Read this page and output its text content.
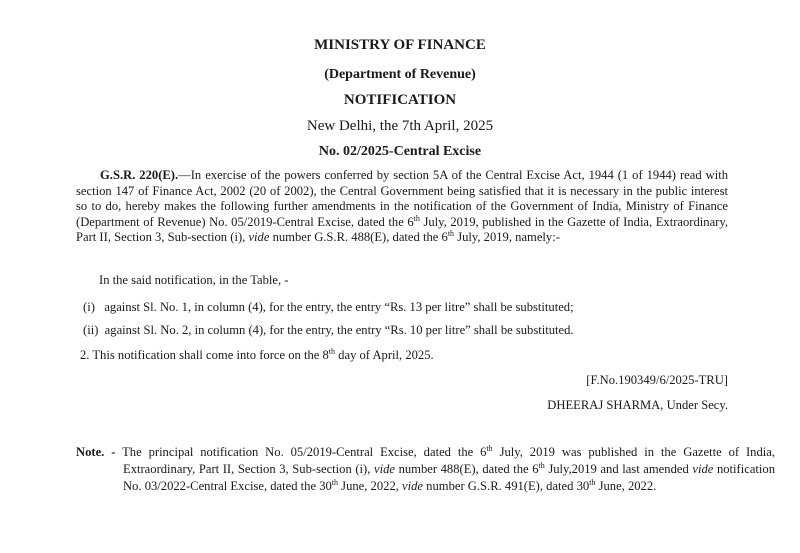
MINISTRY OF FINANCE
(Department of Revenue)
NOTIFICATION
New Delhi, the 7th April, 2025
No. 02/2025-Central Excise
G.S.R. 220(E).—In exercise of the powers conferred by section 5A of the Central Excise Act, 1944 (1 of 1944) read with section 147 of Finance Act, 2002 (20 of 2002), the Central Government being satisfied that it is necessary in the public interest so to do, hereby makes the following further amendments in the notification of the Government of India, Ministry of Finance (Department of Revenue) No. 05/2019-Central Excise, dated the 6th July, 2019, published in the Gazette of India, Extraordinary, Part II, Section 3, Sub-section (i), vide number G.S.R. 488(E), dated the 6th July, 2019, namely:-
In the said notification, in the Table, -
(i)   against Sl. No. 1, in column (4), for the entry, the entry “Rs. 13 per litre” shall be substituted;
(ii)  against Sl. No. 2, in column (4), for the entry, the entry “Rs. 10 per litre” shall be substituted.
2. This notification shall come into force on the 8th day of April, 2025.
[F.No.190349/6/2025-TRU]
DHEERAJ SHARMA, Under Secy.
Note. - The principal notification No. 05/2019-Central Excise, dated the 6th July, 2019 was published in the Gazette of India, Extraordinary, Part II, Section 3, Sub-section (i), vide number 488(E), dated the 6th July,2019 and last amended vide notification No. 03/2022-Central Excise, dated the 30th June, 2022, vide number G.S.R. 491(E), dated 30th June, 2022.
